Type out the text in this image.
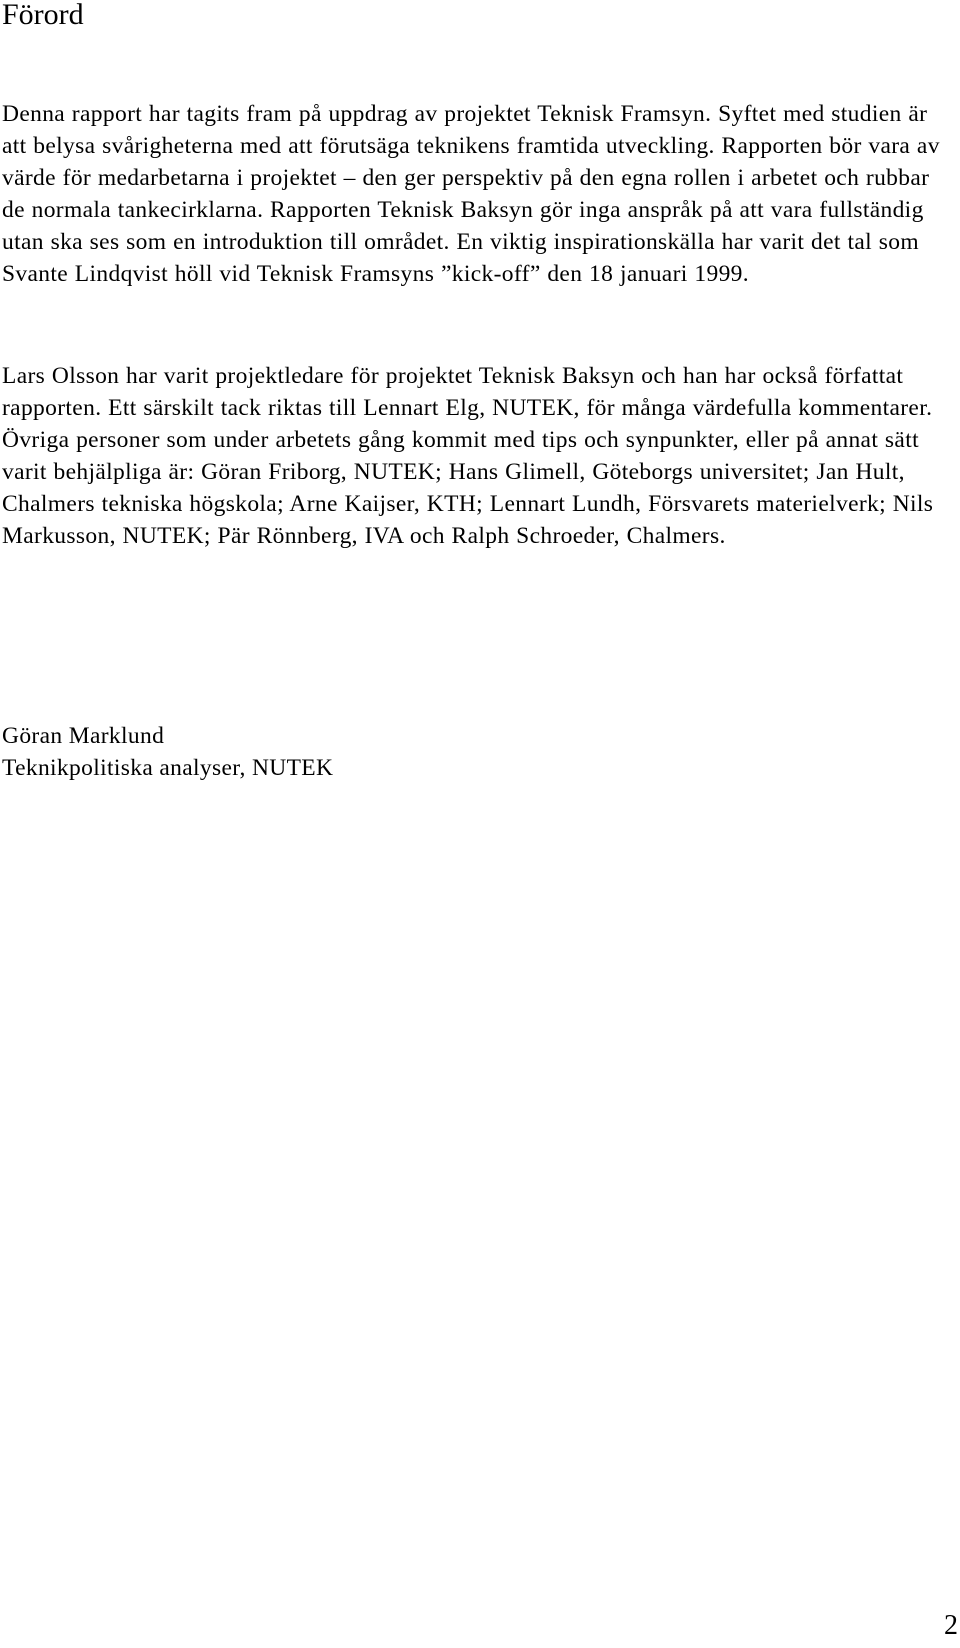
Förord

Denna rapport har tagits fram på uppdrag av projektet Teknisk Framsyn. Syftet med studien är att belysa svårigheterna med att förutsäga teknikens framtida utveckling. Rapporten bör vara av värde för medarbetarna i projektet – den ger perspektiv på den egna rollen i arbetet och rubbar de normala tankecirklarna. Rapporten Teknisk Baksyn gör inga anspråk på att vara fullständig utan ska ses som en introduktion till området. En viktig inspirationskälla har varit det tal som Svante Lindqvist höll vid Teknisk Framsyns ”kick-off” den 18 januari 1999.

Lars Olsson har varit projektledare för projektet Teknisk Baksyn och han har också författat rapporten. Ett särskilt tack riktas till Lennart Elg, NUTEK, för många värdefulla kommentarer. Övriga personer som under arbetets gång kommit med tips och synpunkter, eller på annat sätt varit behjälpliga är: Göran Friborg, NUTEK; Hans Glimell, Göteborgs universitet; Jan Hult, Chalmers tekniska högskola; Arne Kaijser, KTH; Lennart Lundh, Försvarets materielverk; Nils Markusson, NUTEK; Pär Rönnberg, IVA och Ralph Schroeder, Chalmers.

Göran Marklund
Teknikpolitiska analyser, NUTEK
2
